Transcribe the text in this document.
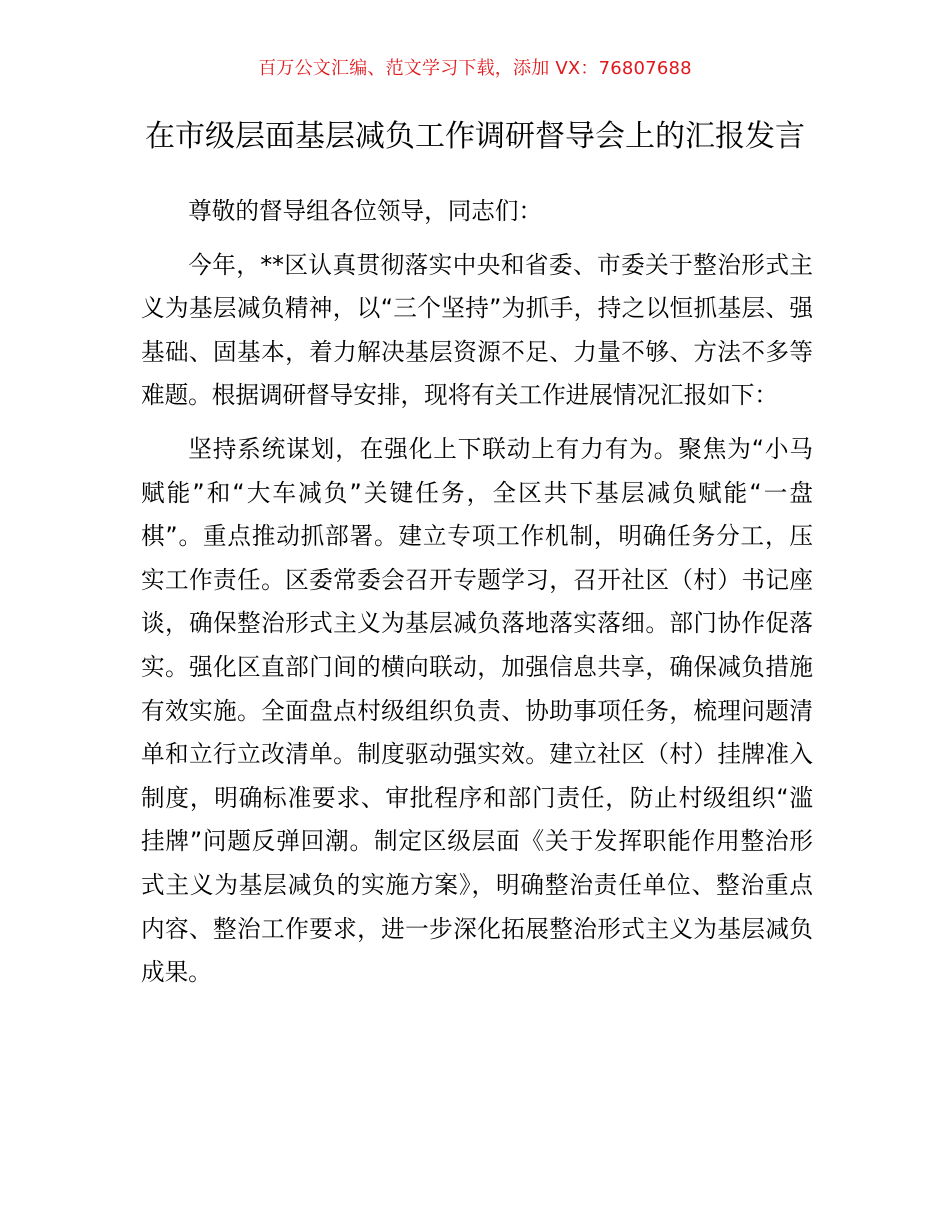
百万公文汇编、范文学习下载，添加 VX：76807688
在市级层面基层减负工作调研督导会上的汇报发言

尊敬的督导组各位领导，同志们：

今年，**区认真贯彻落实中央和省委、市委关于整治形式主义为基层减负精神，以“三个坚持”为抓手，持之以恒抓基层、强基础、固基本，着力解决基层资源不足、力量不够、方法不多等难题。根据调研督导安排，现将有关工作进展情况汇报如下：

坚持系统谋划，在强化上下联动上有力有为。聚焦为“小马赋能”和“大车减负”关键任务，全区共下基层减负赋能“一盘棋”。重点推动抓部署。建立专项工作机制，明确任务分工，压实工作责任。区委常委会召开专题学习，召开社区（村）书记座谈，确保整治形式主义为基层减负落地落实落细。部门协作促落实。强化区直部门间的横向联动，加强信息共享，确保减负措施有效实施。全面盘点村级组织负责、协助事项任务，梳理问题清单和立行立改清单。制度驱动强实效。建立社区（村）挂牌准入制度，明确标准要求、审批程序和部门责任，防止村级组织“滥挂牌”问题反弹回潮。制定区级层面《关于发挥职能作用整治形式主义为基层减负的实施方案》，明确整治责任单位、整治重点内容、整治工作要求，进一步深化拓展整治形式主义为基层减负成果。
